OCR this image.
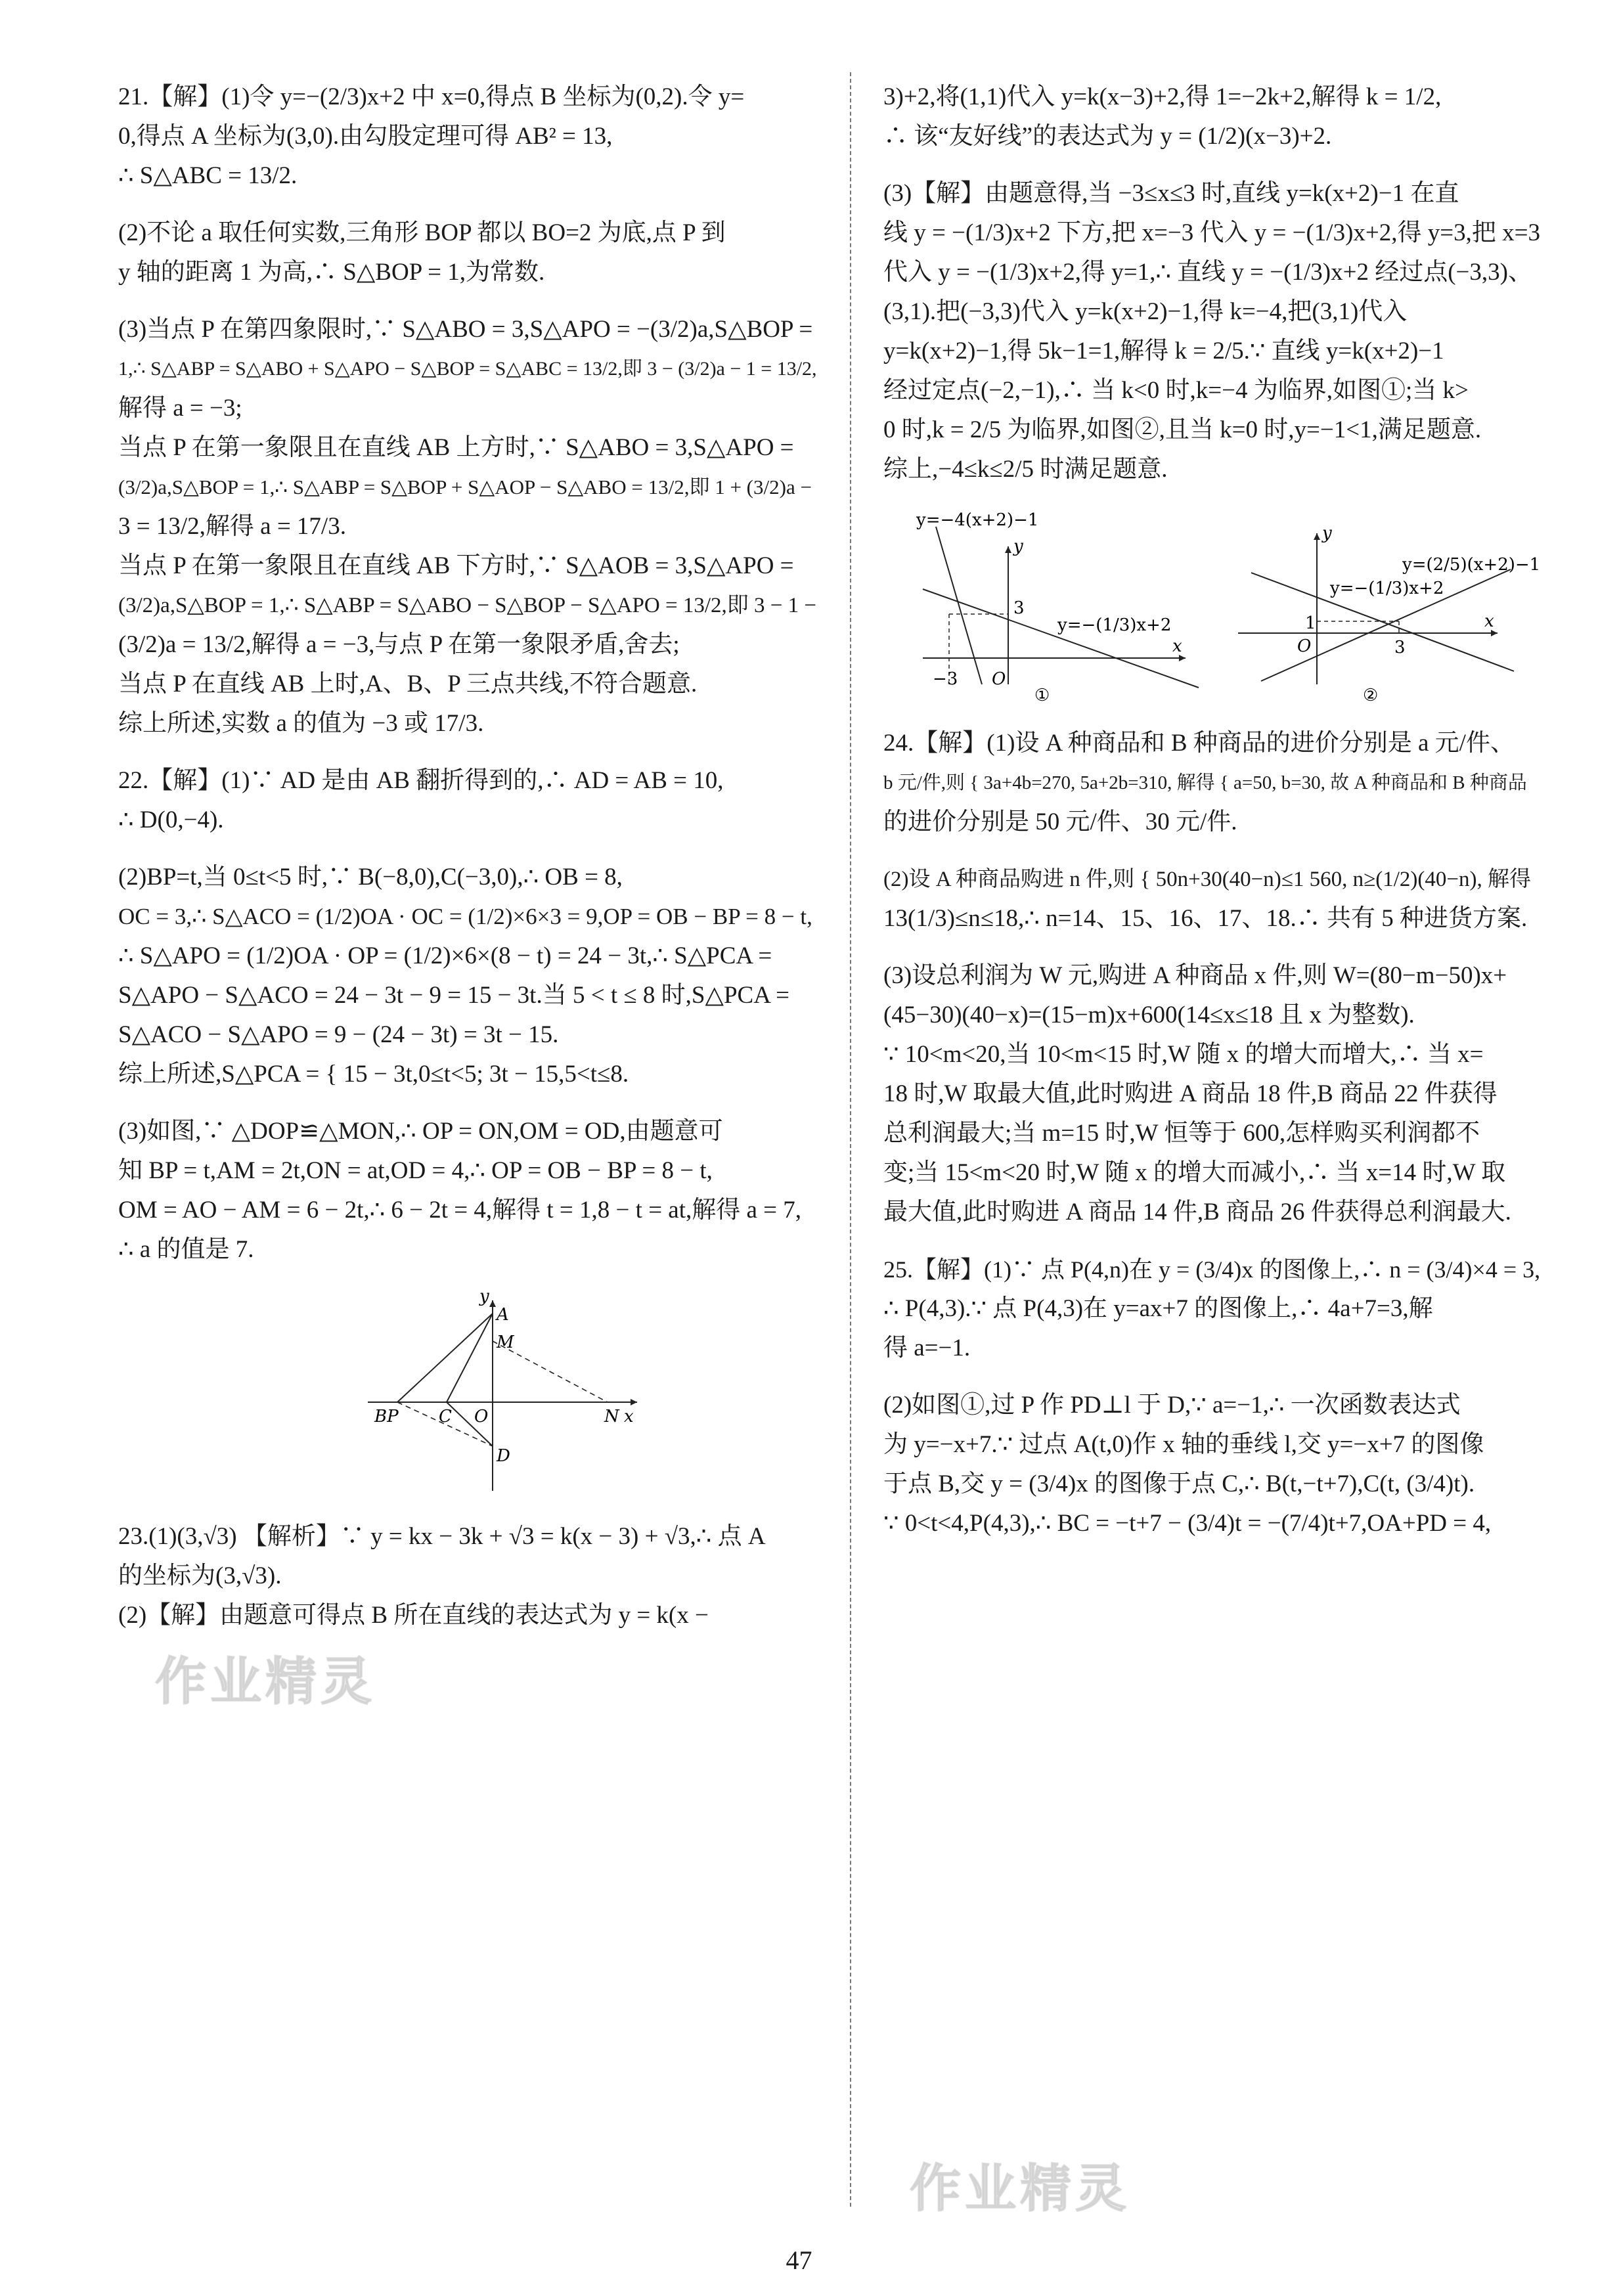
21.【解】(1)令 y=−(2/3)x+2 中 x=0,得点 B 坐标为(0,2).令 y=
0,得点 A 坐标为(3,0).由勾股定理可得 AB² = 13,
∴ S△ABC = 13/2.
(2)不论 a 取任何实数,三角形 BOP 都以 BO=2 为底,点 P 到
y 轴的距离 1 为高,∴ S△BOP = 1,为常数.
(3)当点 P 在第四象限时,∵ S△ABO = 3,S△APO = −(3/2)a,S△BOP =
1,∴ S△ABP = S△ABO + S△APO − S△BOP = S△ABC = 13/2,即 3 − (3/2)a − 1 = 13/2,
解得 a = −3;
当点 P 在第一象限且在直线 AB 上方时,∵ S△ABO = 3,S△APO =
(3/2)a,S△BOP = 1,∴ S△ABP = S△BOP + S△AOP − S△ABO = 13/2,即 1 + (3/2)a −
3 = 13/2,解得 a = 17/3.
当点 P 在第一象限且在直线 AB 下方时,∵ S△AOB = 3,S△APO =
(3/2)a,S△BOP = 1,∴ S△ABP = S△ABO − S△BOP − S△APO = 13/2,即 3 − 1 −
(3/2)a = 13/2,解得 a = −3,与点 P 在第一象限矛盾,舍去;
当点 P 在直线 AB 上时,A、B、P 三点共线,不符合题意.
综上所述,实数 a 的值为 −3 或 17/3.
22.【解】(1)∵ AD 是由 AB 翻折得到的,∴ AD = AB = 10,
∴ D(0,−4).
(2)BP=t,当 0≤t<5 时,∵ B(−8,0),C(−3,0),∴ OB = 8,
OC = 3,∴ S△ACO = (1/2)OA · OC = (1/2)×6×3 = 9,OP = OB − BP = 8 − t,
∴ S△APO = (1/2)OA · OP = (1/2)×6×(8 − t) = 24 − 3t,∴ S△PCA =
S△APO − S△ACO = 24 − 3t − 9 = 15 − 3t.当 5 < t ≤ 8 时,S△PCA =
S△ACO − S△APO = 9 − (24 − 3t) = 3t − 15.
综上所述,S△PCA = { 15 − 3t,0≤t<5; 3t − 15,5<t≤8.
(3)如图,∵ △DOP≌△MON,∴ OP = ON,OM = OD,由题意可
知 BP = t,AM = 2t,ON = at,OD = 4,∴ OP = OB − BP = 8 − t,
OM = AO − AM = 6 − 2t,∴ 6 − 2t = 4,解得 t = 1,8 − t = at,解得 a = 7,
∴ a 的值是 7.
y
A
M
BP C O	N x
D
23.(1)(3,√3) 【解析】∵ y = kx − 3k + √3 = k(x − 3) + √3,∴ 点 A
的坐标为(3,√3).
(2)【解】由题意可得点 B 所在直线的表达式为 y = k(x −
3)+2,将(1,1)代入 y=k(x−3)+2,得 1=−2k+2,解得 k = 1/2,
∴ 该“友好线”的表达式为 y = (1/2)(x−3)+2.
(3)【解】由题意得,当 −3≤x≤3 时,直线 y=k(x+2)−1 在直
线 y = −(1/3)x+2 下方,把 x=−3 代入 y = −(1/3)x+2,得 y=3,把 x=3
代入 y = −(1/3)x+2,得 y=1,∴ 直线 y = −(1/3)x+2 经过点(−3,3)、
(3,1).把(−3,3)代入 y=k(x+2)−1,得 k=−4,把(3,1)代入
y=k(x+2)−1,得 5k−1=1,解得 k = 2/5.∵ 直线 y=k(x+2)−1
经过定点(−2,−1),∴ 当 k<0 时,k=−4 为临界,如图①;当 k>
0 时,k = 2/5 为临界,如图②,且当 k=0 时,y=−1<1,满足题意.
综上,−4≤k≤2/5 时满足题意.
y=−4(x+2)−1
y
3
y=−(1/3)x+2
x
−3 O
①
y
y=(2/5)(x+2)−1
y=−(1/3)x+2
1	x
O	3
②
24.【解】(1)设 A 种商品和 B 种商品的进价分别是 a 元/件、
b 元/件,则 { 3a+4b=270, 5a+2b=310, 解得 { a=50, b=30, 故 A 种商品和 B 种商品
的进价分别是 50 元/件、30 元/件.
(2)设 A 种商品购进 n 件,则 { 50n+30(40−n)≤1 560, n≥(1/2)(40−n), 解得
13(1/3)≤n≤18,∴ n=14、15、16、17、18.∴ 共有 5 种进货方案.
(3)设总利润为 W 元,购进 A 种商品 x 件,则 W=(80−m−50)x+
(45−30)(40−x)=(15−m)x+600(14≤x≤18 且 x 为整数).
∵ 10<m<20,当 10<m<15 时,W 随 x 的增大而增大,∴ 当 x=
18 时,W 取最大值,此时购进 A 商品 18 件,B 商品 22 件获得
总利润最大;当 m=15 时,W 恒等于 600,怎样购买利润都不
变;当 15<m<20 时,W 随 x 的增大而减小,∴ 当 x=14 时,W 取
最大值,此时购进 A 商品 14 件,B 商品 26 件获得总利润最大.
25.【解】(1)∵ 点 P(4,n)在 y = (3/4)x 的图像上,∴ n = (3/4)×4 = 3,
∴ P(4,3).∵ 点 P(4,3)在 y=ax+7 的图像上,∴ 4a+7=3,解
得 a=−1.
(2)如图①,过 P 作 PD⊥l 于 D,∵ a=−1,∴ 一次函数表达式
为 y=−x+7.∵ 过点 A(t,0)作 x 轴的垂线 l,交 y=−x+7 的图像
于点 B,交 y = (3/4)x 的图像于点 C,∴ B(t,−t+7),C(t, (3/4)t).
∵ 0<t<4,P(4,3),∴ BC = −t+7 − (3/4)t = −(7/4)t+7,OA+PD = 4,
作业精灵
作业精灵
47
